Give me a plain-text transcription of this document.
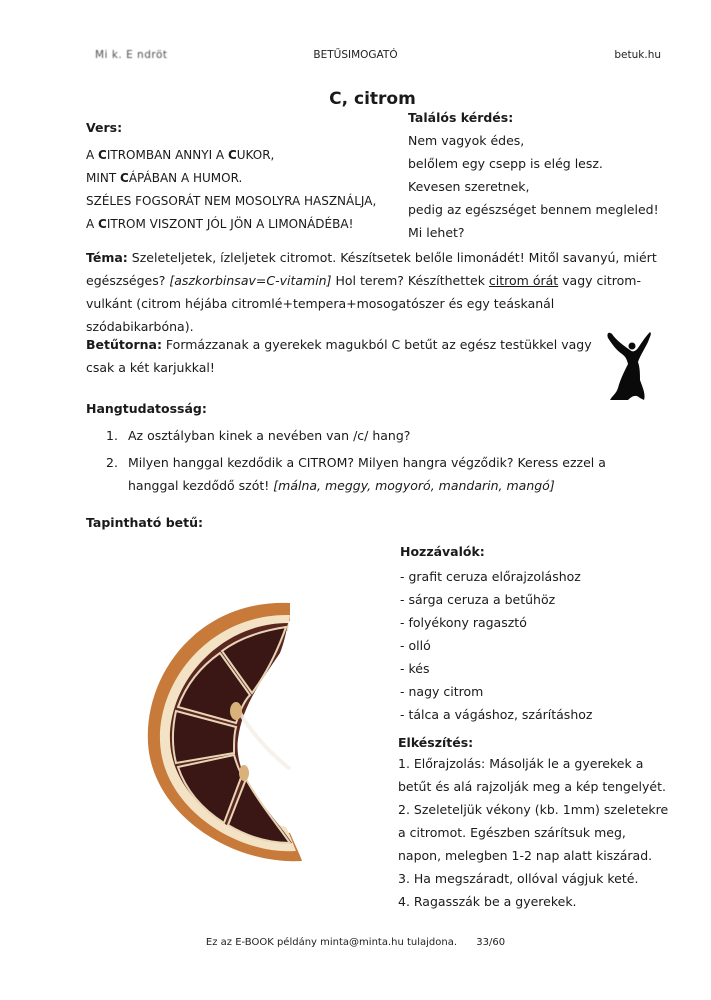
Mi k. E ndröt	BETŰSIMOGATÓ	betuk.hu
C, citrom
Vers:
A CITROMBAN ANNYI A CUKOR,
MINT CÁPÁBAN A HUMOR.
SZÉLES FOGSORÁT NEM MOSOLYRA HASZNÁLJA,
A CITROM VISZONT JÓL JÖN A LIMONÁDÉBA!
Találós kérdés:
Nem vagyok édes,
belőlem egy csepp is elég lesz.
Kevesen szeretnek,
pedig az egészséget bennem megleled!
Mi lehet?
Téma: Szeleteljetek, ízleljetek citromot. Készítsetek belőle limonádét! Mitől savanyú, miért egészséges? [aszkorbinsav=C-vitamin] Hol terem? Készíthettek citrom órát vagy citrom-vulkánt (citrom héjába citromlé+tempera+mosogatószer és egy teáskanál szódabikarbóna).
Betűtorna: Formázzanak a gyerekek magukból C betűt az egész testükkel vagy csak a két karjukkal!
Hangtudatosság:
1. Az osztályban kinek a nevében van /c/ hang?
2. Milyen hanggal kezdődik a CITROM? Milyen hangra végződik? Keress ezzel a hanggal kezdődő szót! [málna, meggy, mogyoró, mandarin, mangó]
Tapintható betű:
Hozzávalók:
- grafit ceruza előrajzoláshoz
- sárga ceruza a betűhöz
- folyékony ragasztó
- olló
- kés
- nagy citrom
- tálca a vágáshoz, szárításhoz
Elkészítés:
1. Előrajzolás: Másolják le a gyerekek a
betűt és alá rajzolják meg a kép tengelyét.
2. Szeleteljük vékony (kb. 1mm) szeletekre
a citromot. Egészben szárítsuk meg,
napon, melegben 1-2 nap alatt kiszárad.
3. Ha megszáradt, ollóval vágjuk keté.
4. Ragasszák be a gyerekek.
Ez az E-BOOK példány minta@minta.hu tulajdona. 33/60
